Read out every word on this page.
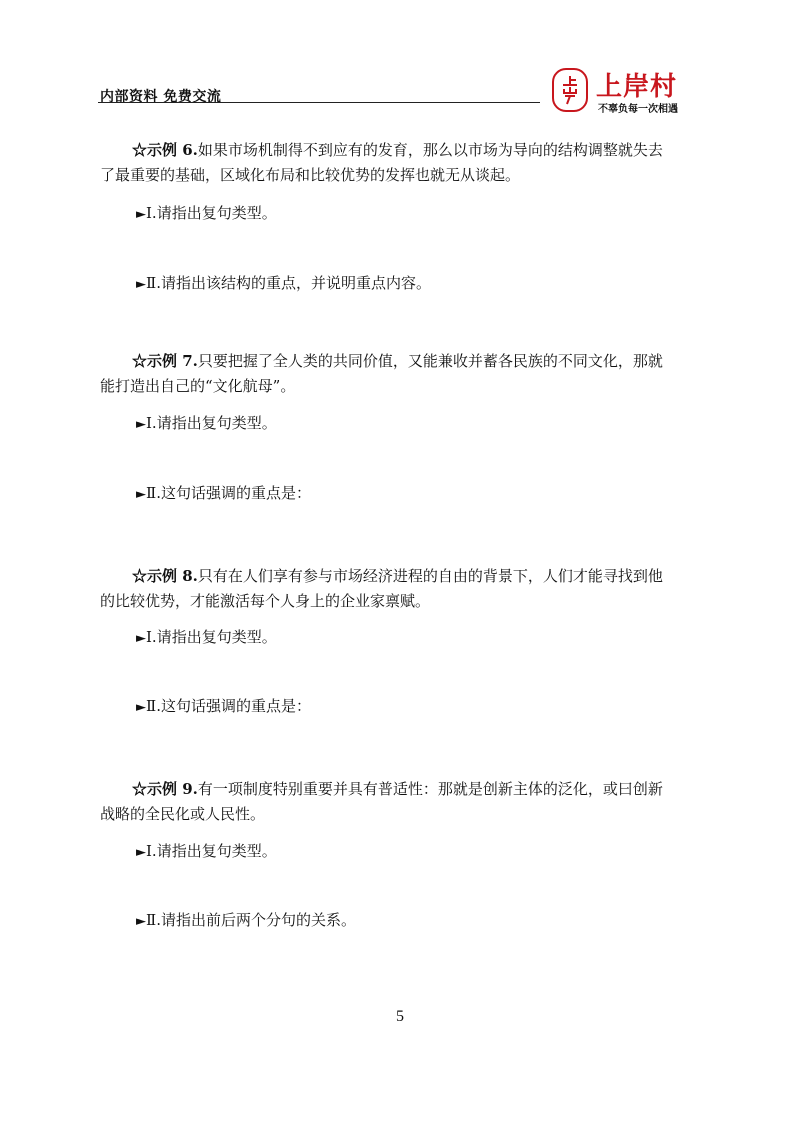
内部资料 免费交流	上岸村
不辜负每一次相遇
☆示例 6.如果市场机制得不到应有的发育，那么以市场为导向的结构调整就失去
了最重要的基础，区域化布局和比较优势的发挥也就无从谈起。
►Ⅰ.请指出复句类型。
►Ⅱ.请指出该结构的重点，并说明重点内容。
☆示例 7.只要把握了全人类的共同价值，又能兼收并蓄各民族的不同文化，那就
能打造出自己的“文化航母”。
►Ⅰ.请指出复句类型。
►Ⅱ.这句话强调的重点是：
☆示例 8.只有在人们享有参与市场经济进程的自由的背景下，人们才能寻找到他
的比较优势，才能激活每个人身上的企业家禀赋。
►Ⅰ.请指出复句类型。
►Ⅱ.这句话强调的重点是：
☆示例 9.有一项制度特别重要并具有普适性：那就是创新主体的泛化，或曰创新
战略的全民化或人民性。
►Ⅰ.请指出复句类型。
►Ⅱ.请指出前后两个分句的关系。
5
